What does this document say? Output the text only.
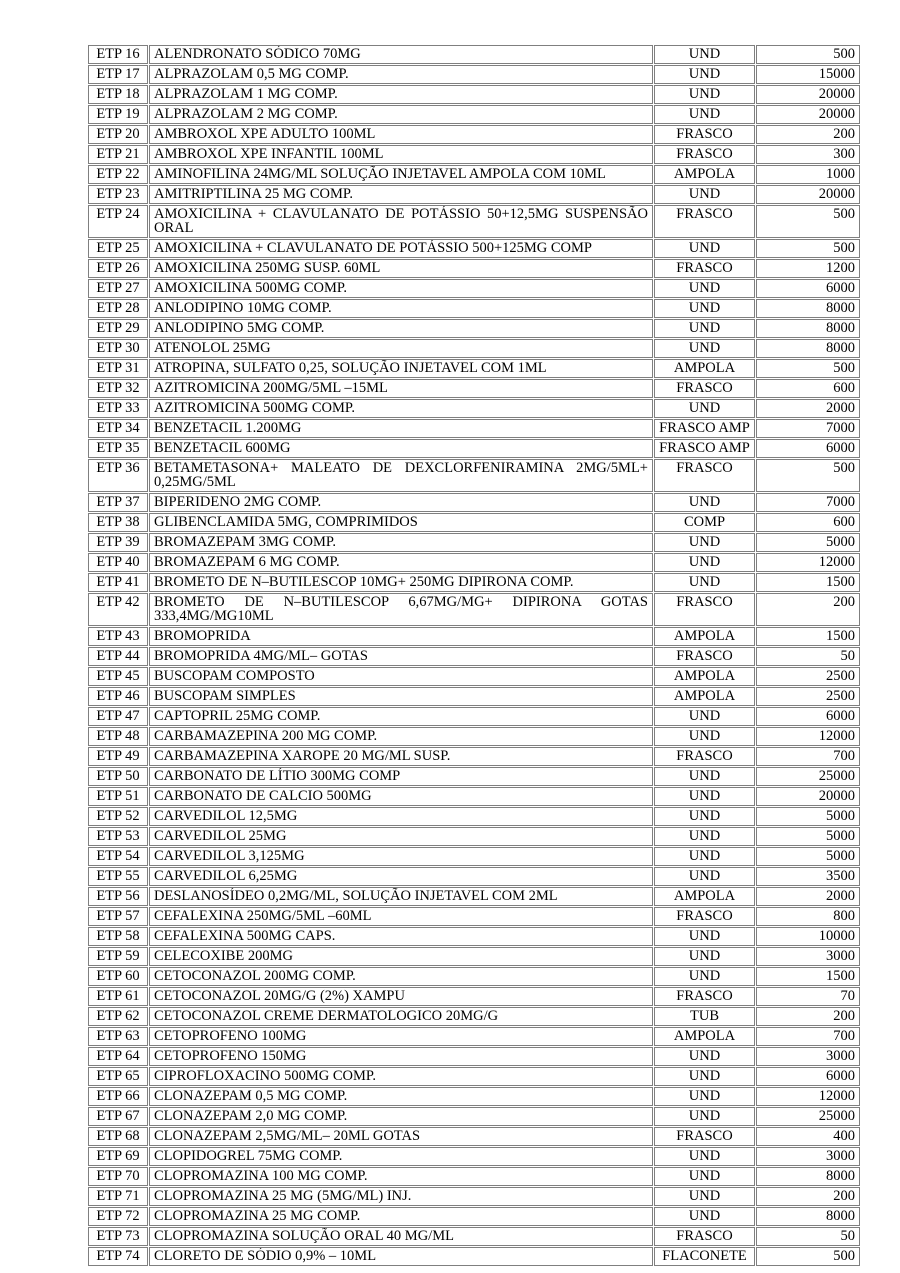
ETP 16	ALENDRONATO SÓDICO 70MG	UND	500
ETP 17	ALPRAZOLAM 0,5 MG COMP.	UND	15000
ETP 18	ALPRAZOLAM 1 MG COMP.	UND	20000
ETP 19	ALPRAZOLAM 2 MG COMP.	UND	20000
ETP 20	AMBROXOL XPE ADULTO 100ML	FRASCO	200
ETP 21	AMBROXOL XPE INFANTIL 100ML	FRASCO	300
ETP 22	AMINOFILINA 24MG/ML SOLUÇÃO INJETAVEL AMPOLA COM 10ML	AMPOLA	1000
ETP 23	AMITRIPTILINA 25 MG COMP.	UND	20000
ETP 24	AMOXICILINA + CLAVULANATO DE POTÁSSIO 50+12,5MG SUSPENSÃO ORAL	FRASCO	500
ETP 25	AMOXICILINA + CLAVULANATO DE POTÁSSIO 500+125MG COMP	UND	500
ETP 26	AMOXICILINA 250MG SUSP. 60ML	FRASCO	1200
ETP 27	AMOXICILINA 500MG COMP.	UND	6000
ETP 28	ANLODIPINO 10MG COMP.	UND	8000
ETP 29	ANLODIPINO 5MG COMP.	UND	8000
ETP 30	ATENOLOL 25MG	UND	8000
ETP 31	ATROPINA, SULFATO 0,25, SOLUÇÃO INJETAVEL COM 1ML	AMPOLA	500
ETP 32	AZITROMICINA 200MG/5ML –15ML	FRASCO	600
ETP 33	AZITROMICINA 500MG COMP.	UND	2000
ETP 34	BENZETACIL 1.200MG	FRASCO AMP	7000
ETP 35	BENZETACIL 600MG	FRASCO AMP	6000
ETP 36	BETAMETASONA+ MALEATO DE DEXCLORFENIRAMINA 2MG/5ML+ 0,25MG/5ML	FRASCO	500
ETP 37	BIPERIDENO 2MG COMP.	UND	7000
ETP 38	GLIBENCLAMIDA 5MG, COMPRIMIDOS	COMP	600
ETP 39	BROMAZEPAM 3MG COMP.	UND	5000
ETP 40	BROMAZEPAM 6 MG COMP.	UND	12000
ETP 41	BROMETO DE N–BUTILESCOP 10MG+ 250MG DIPIRONA COMP.	UND	1500
ETP 42	BROMETO DE N–BUTILESCOP 6,67MG/MG+ DIPIRONA GOTAS 333,4MG/MG10ML	FRASCO	200
ETP 43	BROMOPRIDA	AMPOLA	1500
ETP 44	BROMOPRIDA 4MG/ML– GOTAS	FRASCO	50
ETP 45	BUSCOPAM COMPOSTO	AMPOLA	2500
ETP 46	BUSCOPAM SIMPLES	AMPOLA	2500
ETP 47	CAPTOPRIL 25MG COMP.	UND	6000
ETP 48	CARBAMAZEPINA 200 MG COMP.	UND	12000
ETP 49	CARBAMAZEPINA XAROPE 20 MG/ML SUSP.	FRASCO	700
ETP 50	CARBONATO DE LÍTIO 300MG COMP	UND	25000
ETP 51	CARBONATO DE CALCIO 500MG	UND	20000
ETP 52	CARVEDILOL 12,5MG	UND	5000
ETP 53	CARVEDILOL 25MG	UND	5000
ETP 54	CARVEDILOL 3,125MG	UND	5000
ETP 55	CARVEDILOL 6,25MG	UND	3500
ETP 56	DESLANOSÍDEO 0,2MG/ML, SOLUÇÃO INJETAVEL COM 2ML	AMPOLA	2000
ETP 57	CEFALEXINA 250MG/5ML –60ML	FRASCO	800
ETP 58	CEFALEXINA 500MG CAPS.	UND	10000
ETP 59	CELECOXIBE 200MG	UND	3000
ETP 60	CETOCONAZOL 200MG COMP.	UND	1500
ETP 61	CETOCONAZOL 20MG/G (2%) XAMPU	FRASCO	70
ETP 62	CETOCONAZOL CREME DERMATOLOGICO 20MG/G	TUB	200
ETP 63	CETOPROFENO 100MG	AMPOLA	700
ETP 64	CETOPROFENO 150MG	UND	3000
ETP 65	CIPROFLOXACINO 500MG COMP.	UND	6000
ETP 66	CLONAZEPAM 0,5 MG COMP.	UND	12000
ETP 67	CLONAZEPAM 2,0 MG COMP.	UND	25000
ETP 68	CLONAZEPAM 2,5MG/ML– 20ML GOTAS	FRASCO	400
ETP 69	CLOPIDOGREL 75MG COMP.	UND	3000
ETP 70	CLOPROMAZINA 100 MG COMP.	UND	8000
ETP 71	CLOPROMAZINA 25 MG (5MG/ML) INJ.	UND	200
ETP 72	CLOPROMAZINA 25 MG COMP.	UND	8000
ETP 73	CLOPROMAZINA SOLUÇÃO ORAL 40 MG/ML	FRASCO	50
ETP 74	CLORETO DE SÓDIO 0,9% – 10ML	FLACONETE	500
